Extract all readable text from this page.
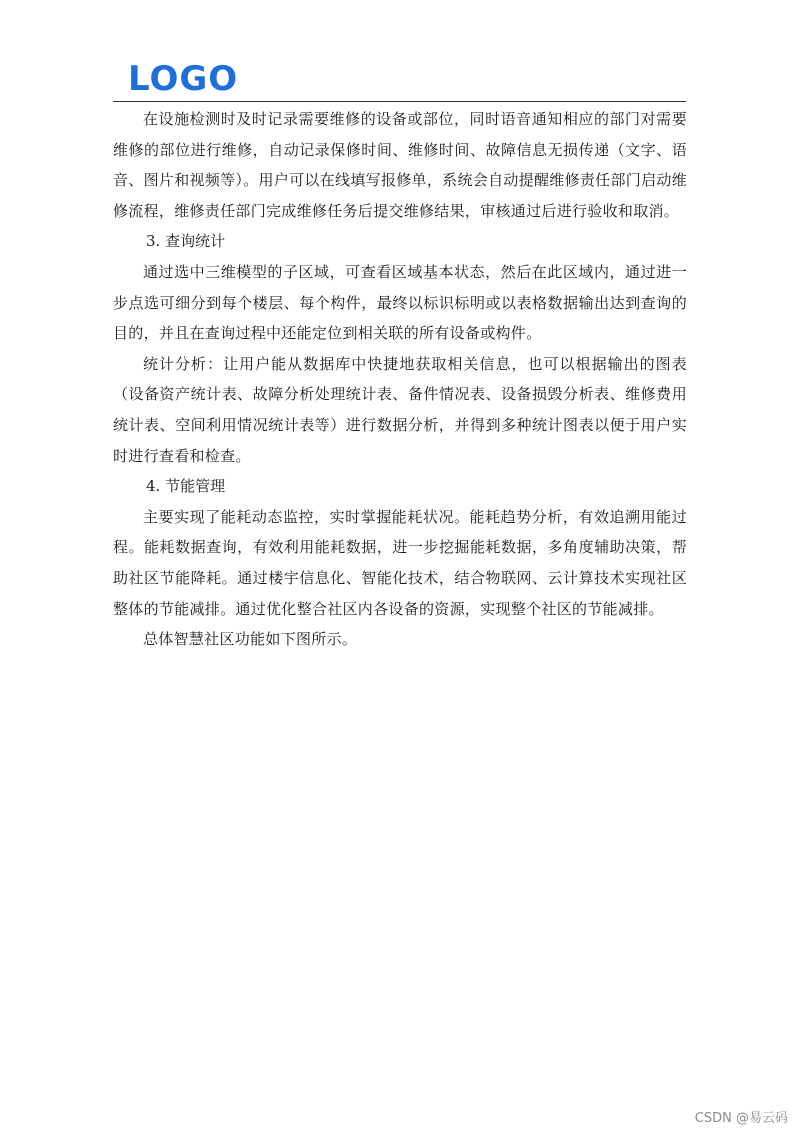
LOGO

在设施检测时及时记录需要维修的设备或部位，同时语音通知相应的部门对需要维修的部位进行维修，自动记录保修时间、维修时间、故障信息无损传递（文字、语音、图片和视频等）。用户可以在线填写报修单，系统会自动提醒维修责任部门启动维修流程，维修责任部门完成维修任务后提交维修结果，审核通过后进行验收和取消。

3. 查询统计

通过选中三维模型的子区域，可查看区域基本状态，然后在此区域内，通过进一步点选可细分到每个楼层、每个构件，最终以标识标明或以表格数据输出达到查询的目的，并且在查询过程中还能定位到相关联的所有设备或构件。

统计分析：让用户能从数据库中快捷地获取相关信息，也可以根据输出的图表（设备资产统计表、故障分析处理统计表、备件情况表、设备损毁分析表、维修费用统计表、空间利用情况统计表等）进行数据分析，并得到多种统计图表以便于用户实时进行查看和检查。

4. 节能管理

主要实现了能耗动态监控，实时掌握能耗状况。能耗趋势分析，有效追溯用能过程。能耗数据查询，有效利用能耗数据，进一步挖掘能耗数据，多角度辅助决策，帮助社区节能降耗。通过楼宇信息化、智能化技术，结合物联网、云计算技术实现社区整体的节能减排。通过优化整合社区内各设备的资源，实现整个社区的节能减排。

总体智慧社区功能如下图所示。

CSDN @易云码
